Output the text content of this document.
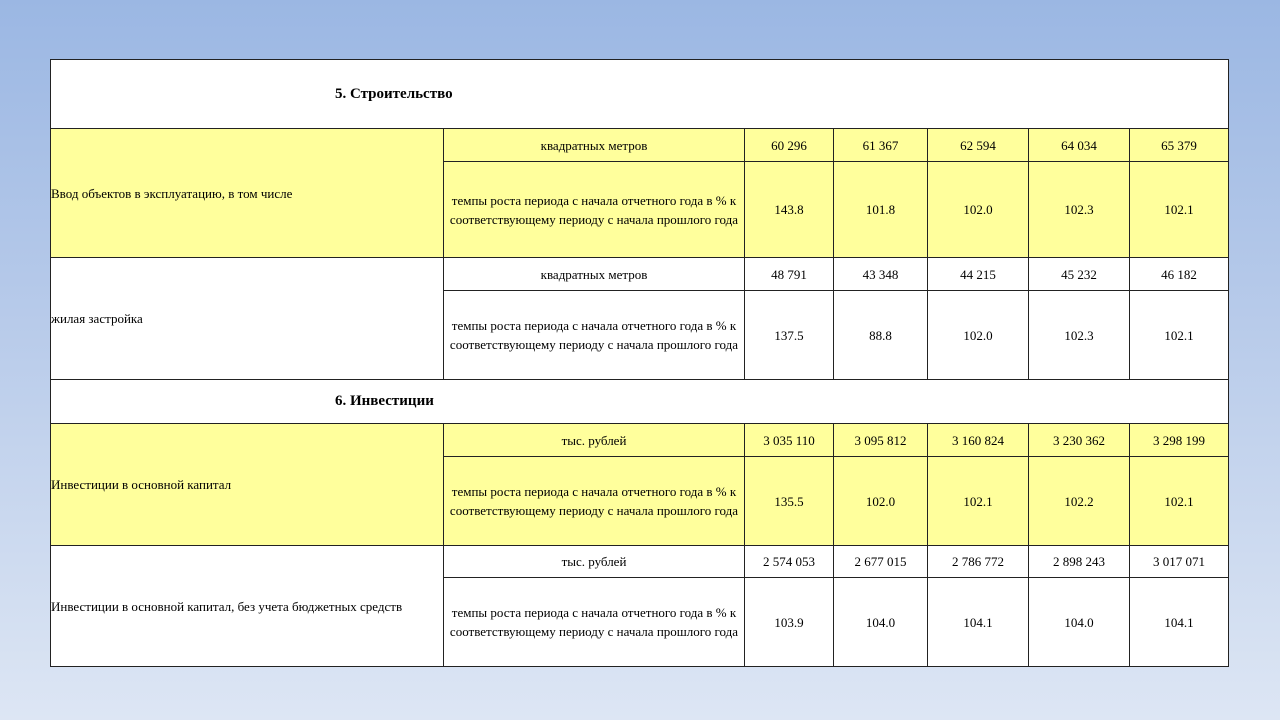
5. Строительство						
Ввод объектов в эксплуатацию, в том числе	квадратных метров	60 296	61 367	62 594	64 034	65 379
	темпы роста периода с начала отчетного года в % к соответствующему периоду с начала прошлого года	143.8	101.8	102.0	102.3	102.1
жилая застройка	квадратных метров	48 791	43 348	44 215	45 232	46 182
	темпы роста периода с начала отчетного года в % к соответствующему периоду с начала прошлого года	137.5	88.8	102.0	102.3	102.1
6. Инвестиции						
Инвестиции в основной капитал	тыс. рублей	3 035 110	3 095 812	3 160 824	3 230 362	3 298 199
	темпы роста периода с начала отчетного года в % к соответствующему периоду с начала прошлого года	135.5	102.0	102.1	102.2	102.1
Инвестиции в основной капитал, без учета бюджетных средств	тыс. рублей	2 574 053	2 677 015	2 786 772	2 898 243	3 017 071
	темпы роста периода с начала отчетного года в % к соответствующему периоду с начала прошлого года	103.9	104.0	104.1	104.0	104.1
